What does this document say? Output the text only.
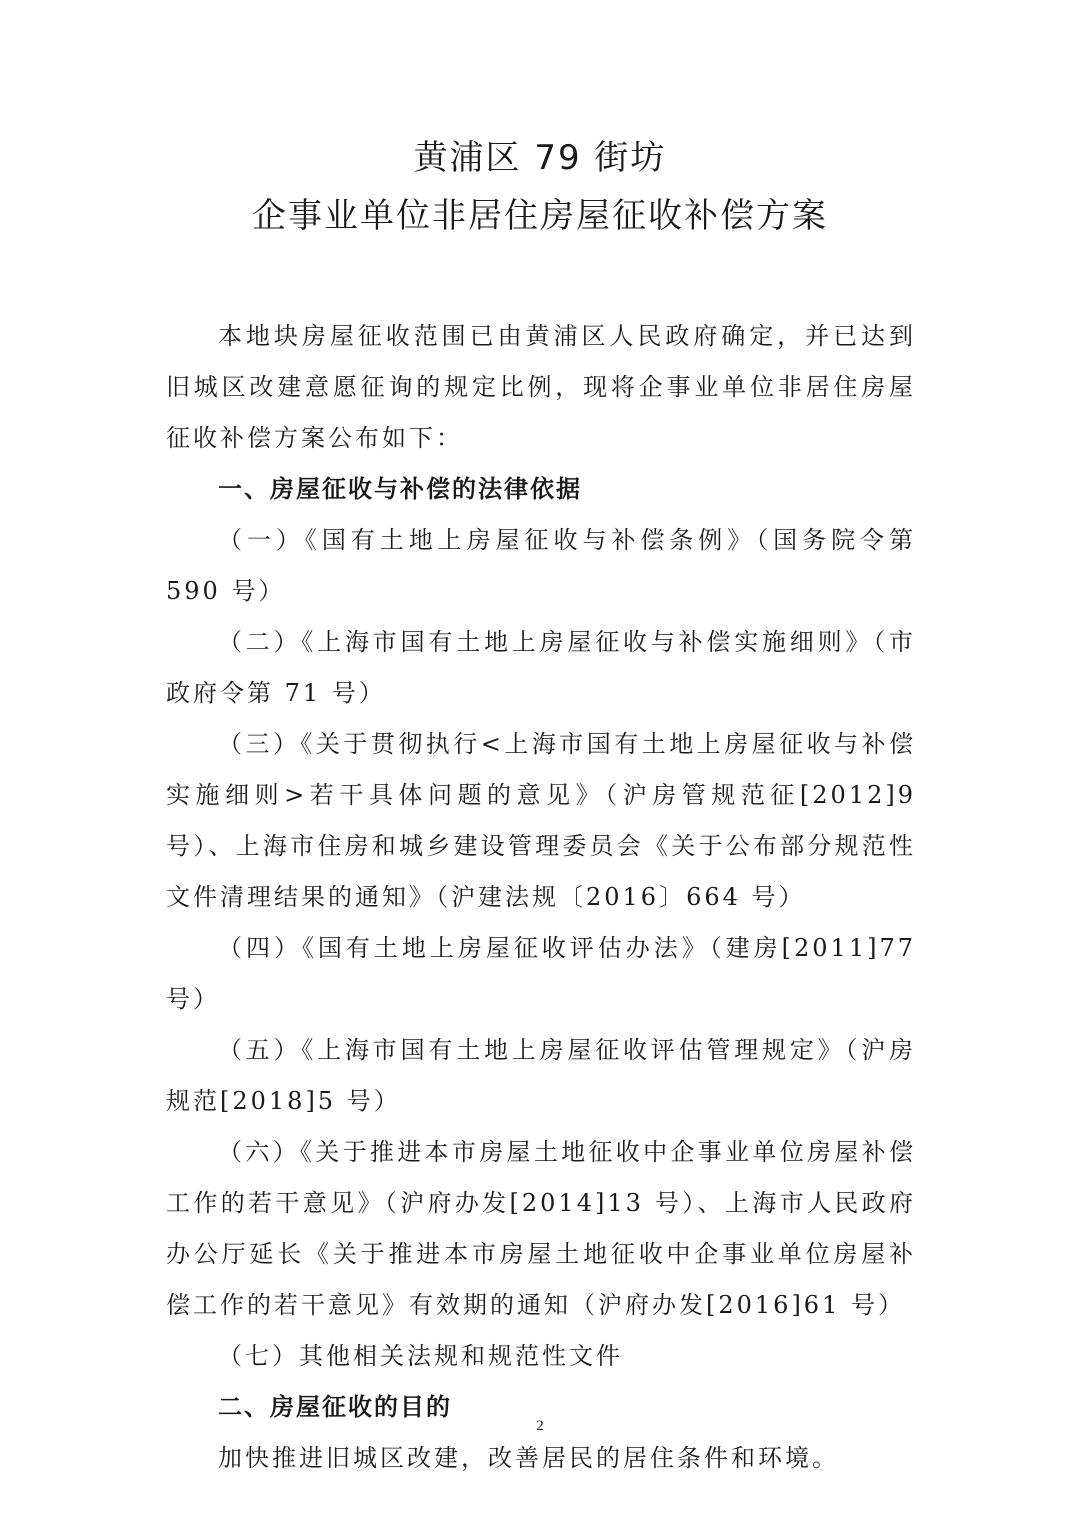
黄浦区 79 街坊
企事业单位非居住房屋征收补偿方案

本地块房屋征收范围已由黄浦区人民政府确定，并已达到旧城区改建意愿征询的规定比例，现将企事业单位非居住房屋征收补偿方案公布如下：

一、房屋征收与补偿的法律依据

（一）《国有土地上房屋征收与补偿条例》（国务院令第 590 号）

（二）《上海市国有土地上房屋征收与补偿实施细则》（市政府令第 71 号）

（三）《关于贯彻执行<上海市国有土地上房屋征收与补偿实施细则>若干具体问题的意见》（沪房管规范征[2012]9 号）、上海市住房和城乡建设管理委员会《关于公布部分规范性文件清理结果的通知》（沪建法规〔2016〕664 号）

（四）《国有土地上房屋征收评估办法》（建房[2011]77 号）

（五）《上海市国有土地上房屋征收评估管理规定》（沪房规范[2018]5 号）

（六）《关于推进本市房屋土地征收中企事业单位房屋补偿工作的若干意见》（沪府办发[2014]13 号）、上海市人民政府办公厅延长《关于推进本市房屋土地征收中企事业单位房屋补偿工作的若干意见》有效期的通知（沪府办发[2016]61 号）

（七）其他相关法规和规范性文件

二、房屋征收的目的

加快推进旧城区改建，改善居民的居住条件和环境。

2
